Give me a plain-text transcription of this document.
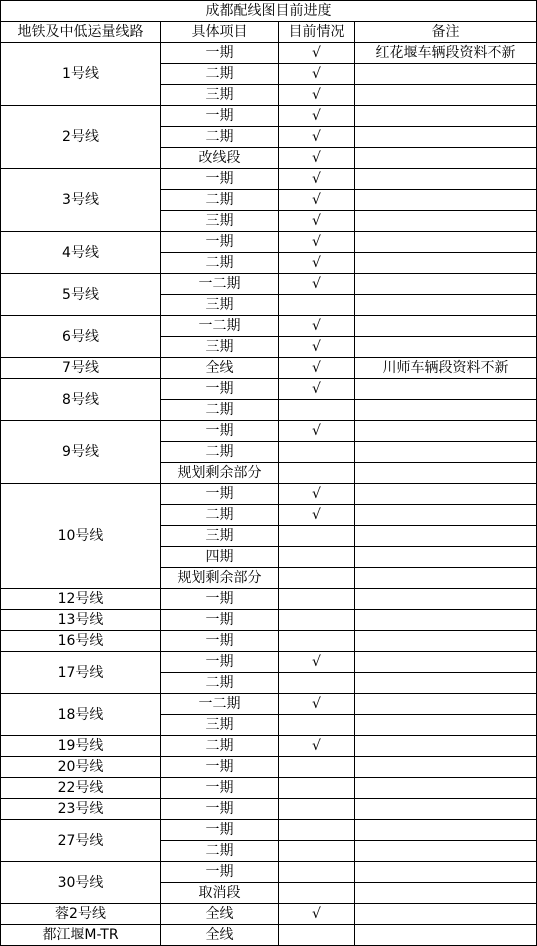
成都配线图目前进度			
地铁及中低运量线路	具体项目	目前情况	备注
1号线	一期	√	红花堰车辆段资料不新
	二期	√	
	三期	√	
2号线	一期	√	
	二期	√	
	改线段	√	
3号线	一期	√	
	二期	√	
	三期	√	
4号线	一期	√	
	二期	√	
5号线	一二期	√	
	三期		
6号线	一二期	√	
	三期	√	
7号线	全线	√	川师车辆段资料不新
8号线	一期	√	
	二期		
9号线	一期	√	
	二期		
	规划剩余部分		
10号线	一期	√	
	二期	√	
	三期		
	四期		
	规划剩余部分		
12号线	一期		
13号线	一期		
16号线	一期		
17号线	一期	√	
	二期		
18号线	一二期	√	
	三期		
19号线	二期	√	
20号线	一期		
22号线	一期		
23号线	一期		
27号线	一期		
	二期		
30号线	一期		
	取消段		
蓉2号线	全线	√	
都江堰M-TR	全线		
